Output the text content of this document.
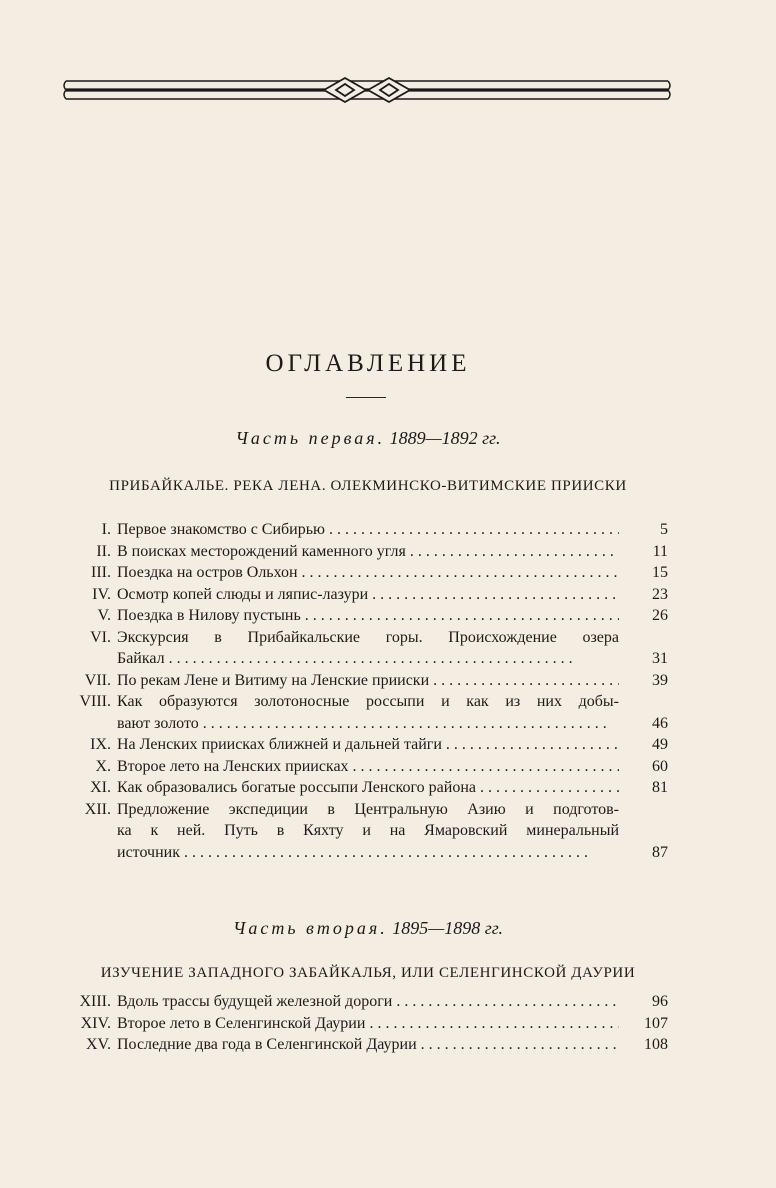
ОГЛАВЛЕНИЕ
Часть первая. 1889—1892 гг.
ПРИБАЙКАЛЬЕ. РЕКА ЛЕНА. ОЛЕКМИНСКО-ВИТИМСКИЕ ПРИИСКИ
I. Первое знакомство с Сибирью . . .	5
II. В поисках месторождений каменного угля . . .	11
III. Поездка на остров Ольхон . . .	15
IV. Осмотр копей слюды и ляпис-лазури . . .	23
V. Поездка в Нилову пустынь . . .	26
VI. Экскурсия в Прибайкальские горы. Происхождение озера
Байкал . . .	31
VII. По рекам Лене и Витиму на Ленские прииски . . .	39
VIII. Как образуются золотоносные россыпи и как из них добы-
вают золото . . .	46
IX. На Ленских приисках ближней и дальней тайги . . .	49
X. Второе лето на Ленских приисках . . .	60
XI. Как образовались богатые россыпи Ленского района . . .	81
XII. Предложение экспедиции в Центральную Азию и подготов-
ка к ней. Путь в Кяхту и на Ямаровский минеральный
источник . . .	87
Часть вторая. 1895—1898 гг.
ИЗУЧЕНИЕ ЗАПАДНОГО ЗАБАЙКАЛЬЯ, ИЛИ СЕЛЕНГИНСКОЙ ДАУРИИ
XIII. Вдоль трассы будущей железной дороги . . .	96
XIV. Второе лето в Селенгинской Даурии . . .	107
XV. Последние два года в Селенгинской Даурии . . .	108
